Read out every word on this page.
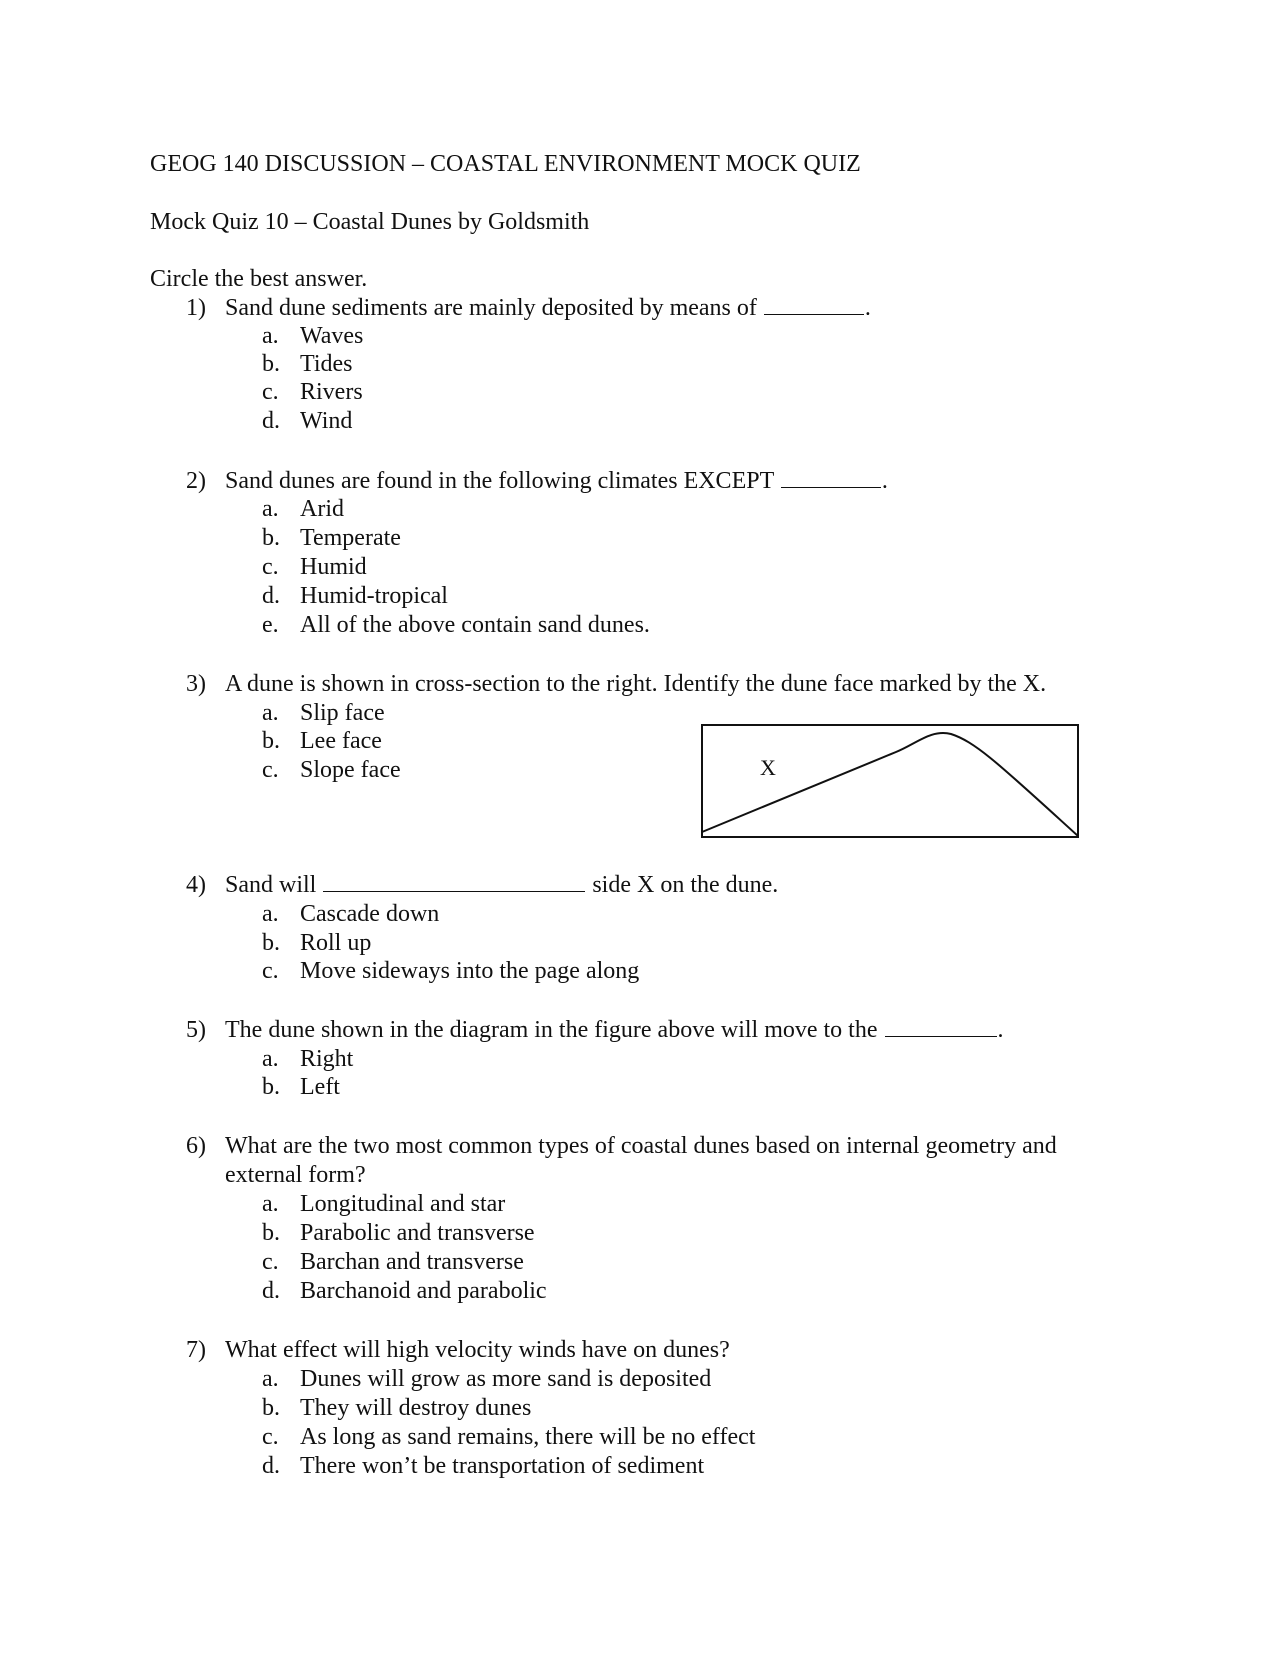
GEOG 140 DISCUSSION – COASTAL ENVIRONMENT MOCK QUIZ
Mock Quiz 10 – Coastal Dunes by Goldsmith
Circle the best answer.
1) Sand dune sediments are mainly deposited by means of	.
a. Waves
b. Tides
c. Rivers
d. Wind
2) Sand dunes are found in the following climates EXCEPT	.
a. Arid
b. Temperate
c. Humid
d. Humid-tropical
e. All of the above contain sand dunes.
3) A dune is shown in cross-section to the right. Identify the dune face marked by the X.
a. Slip face
b. Lee face
c. Slope face	X
4) Sand will	side X on the dune.
a. Cascade down
b. Roll up
c. Move sideways into the page along
5) The dune shown in the diagram in the figure above will move to the	.
a. Right
b. Left
6) What are the two most common types of coastal dunes based on internal geometry and
external form?
a. Longitudinal and star
b. Parabolic and transverse
c. Barchan and transverse
d. Barchanoid and parabolic
7) What effect will high velocity winds have on dunes?
a. Dunes will grow as more sand is deposited
b. They will destroy dunes
c. As long as sand remains, there will be no effect
d. There won’t be transportation of sediment
